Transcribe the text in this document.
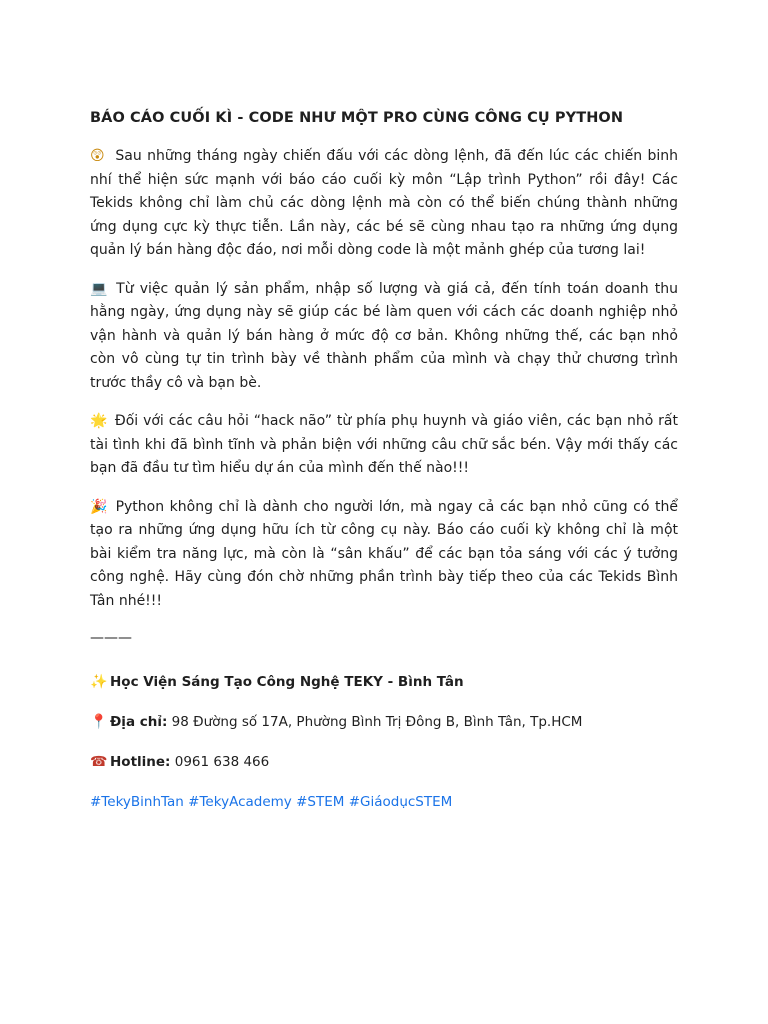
BÁO CÁO CUỐI KÌ - CODE NHƯ MỘT PRO CÙNG CÔNG CỤ PYTHON

😲 Sau những tháng ngày chiến đấu với các dòng lệnh, đã đến lúc các chiến binh nhí thể hiện sức mạnh với báo cáo cuối kỳ môn “Lập trình Python” rồi đây! Các Tekids không chỉ làm chủ các dòng lệnh mà còn có thể biến chúng thành những ứng dụng cực kỳ thực tiễn. Lần này, các bé sẽ cùng nhau tạo ra những ứng dụng quản lý bán hàng độc đáo, nơi mỗi dòng code là một mảnh ghép của tương lai!

💻 Từ việc quản lý sản phẩm, nhập số lượng và giá cả, đến tính toán doanh thu hằng ngày, ứng dụng này sẽ giúp các bé làm quen với cách các doanh nghiệp nhỏ vận hành và quản lý bán hàng ở mức độ cơ bản. Không những thế, các bạn nhỏ còn vô cùng tự tin trình bày về thành phẩm của mình và chạy thử chương trình trước thầy cô và bạn bè.

🌟 Đối với các câu hỏi “hack não” từ phía phụ huynh và giáo viên, các bạn nhỏ rất tài tình khi đã bình tĩnh và phản biện với những câu chữ sắc bén. Vậy mới thấy các bạn đã đầu tư tìm hiểu dự án của mình đến thế nào!!!

🎉 Python không chỉ là dành cho người lớn, mà ngay cả các bạn nhỏ cũng có thể tạo ra những ứng dụng hữu ích từ công cụ này. Báo cáo cuối kỳ không chỉ là một bài kiểm tra năng lực, mà còn là “sân khấu” để các bạn tỏa sáng với các ý tưởng công nghệ. Hãy cùng đón chờ những phần trình bày tiếp theo của các Tekids Bình Tân nhé!!!

———
✨ Học Viện Sáng Tạo Công Nghệ TEKY - Bình Tân
📍 Địa chỉ: 98 Đường số 17A, Phường Bình Trị Đông B, Bình Tân, Tp.HCM
☎ Hotline: 0961 638 466
#TekyBinhTan #TekyAcademy #STEM #GiáodụcSTEM
